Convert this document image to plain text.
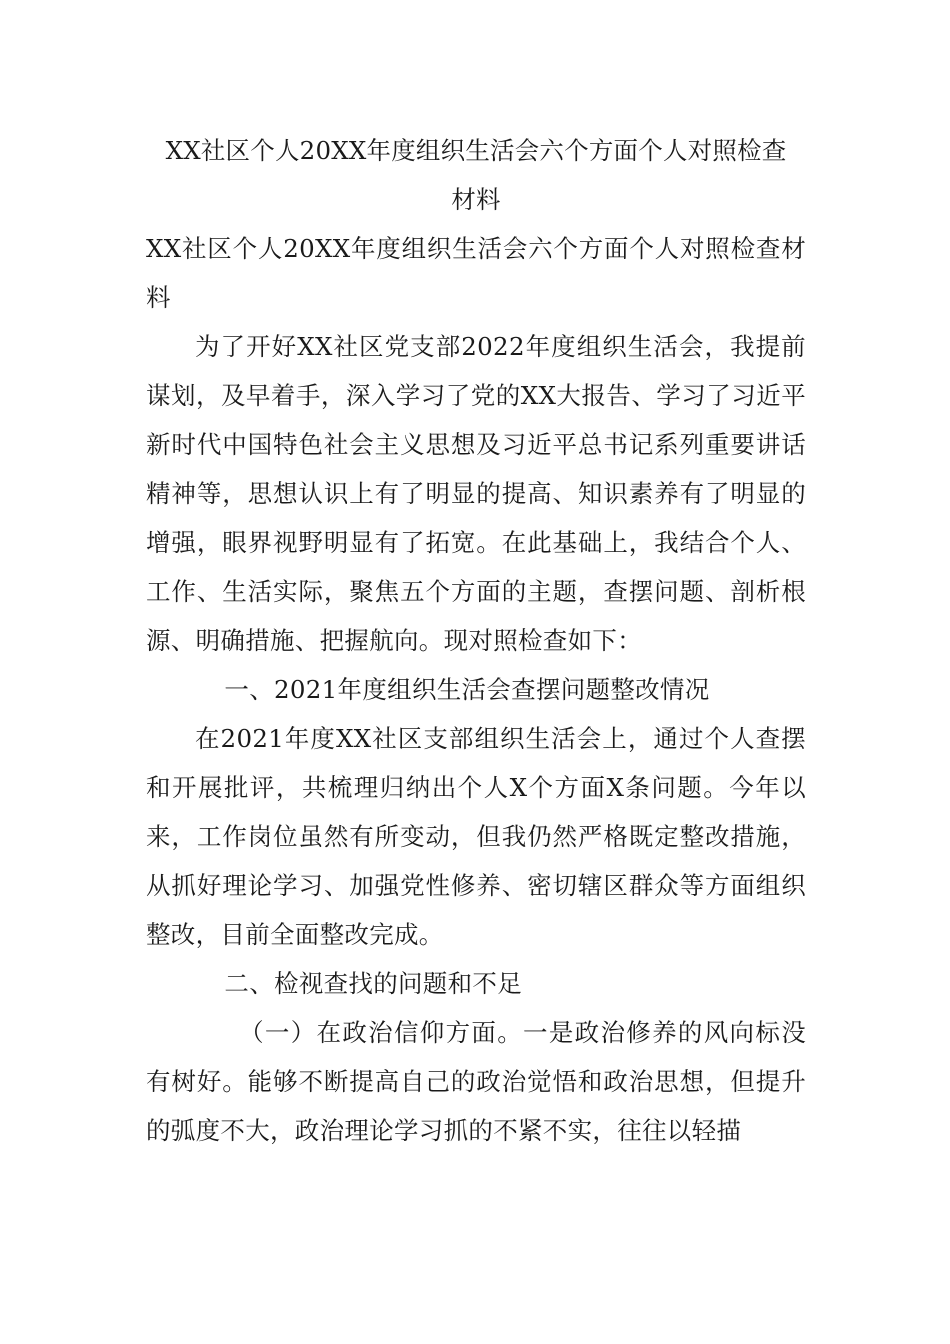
XX社区个人20XX年度组织生活会六个方面个人对照检查
材料

XX社区个人20XX年度组织生活会六个方面个人对照检查材料

为了开好XX社区党支部2022年度组织生活会，我提前谋划，及早着手，深入学习了党的XX大报告、学习了习近平新时代中国特色社会主义思想及习近平总书记系列重要讲话精神等，思想认识上有了明显的提高、知识素养有了明显的增强，眼界视野明显有了拓宽。在此基础上，我结合个人、工作、生活实际，聚焦五个方面的主题，查摆问题、剖析根源、明确措施、把握航向。现对照检查如下：

一、2021年度组织生活会查摆问题整改情况

在2021年度XX社区支部组织生活会上，通过个人查摆和开展批评，共梳理归纳出个人X个方面X条问题。今年以来，工作岗位虽然有所变动，但我仍然严格既定整改措施，从抓好理论学习、加强党性修养、密切辖区群众等方面组织整改，目前全面整改完成。

二、检视查找的问题和不足

（一）在政治信仰方面。一是政治修养的风向标没有树好。能够不断提高自己的政治觉悟和政治思想，但提升的弧度不大，政治理论学习抓的不紧不实，往往以轻描
